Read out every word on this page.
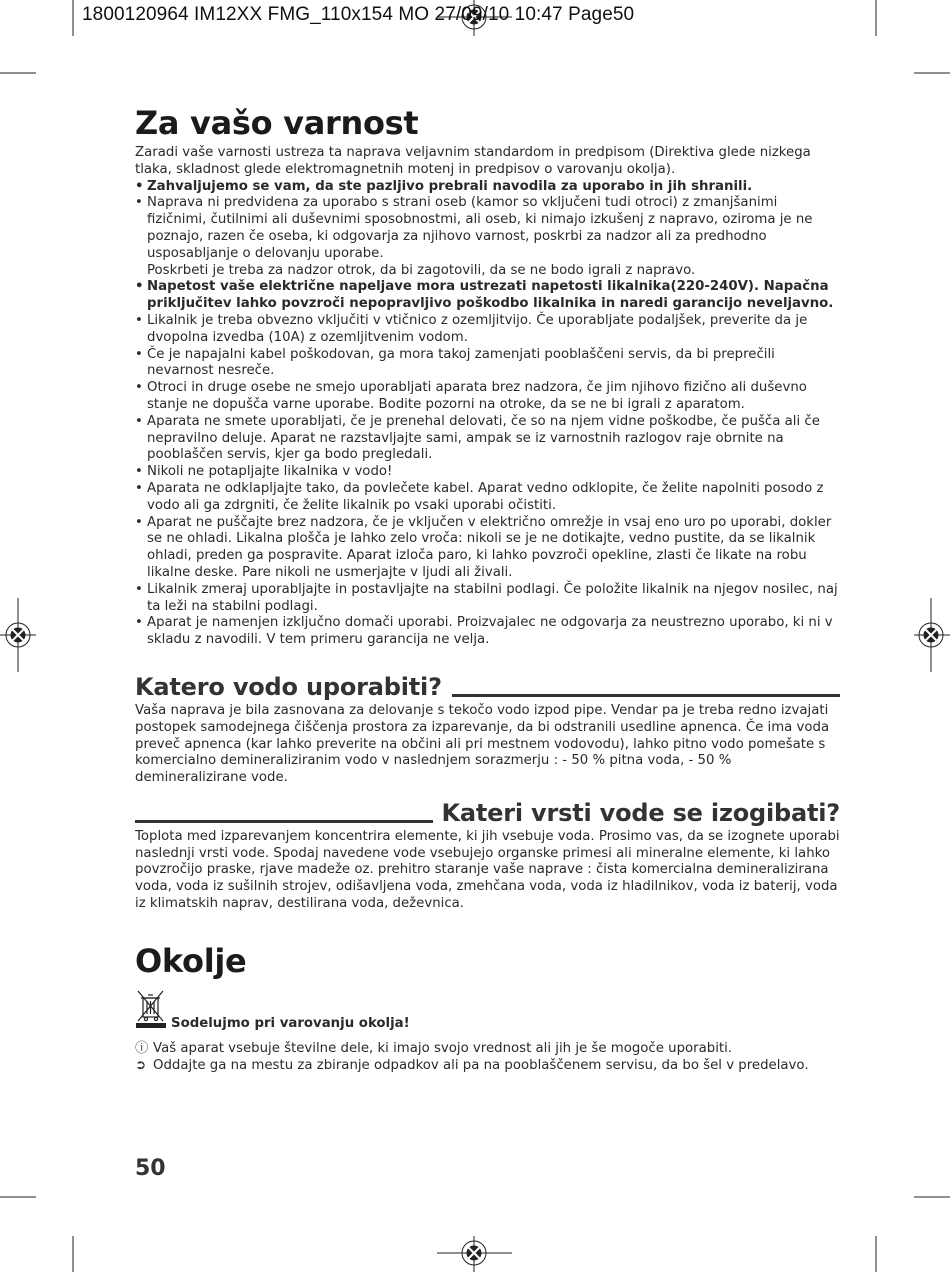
1800120964 IM12XX FMG_110x154 MO 27/09/10 10:47 Page50

Za vašo varnost

Zaradi vaše varnosti ustreza ta naprava veljavnim standardom in predpisom (Direktiva glede nizkega tlaka, skladnost glede elektromagnetnih motenj in predpisov o varovanju okolja).

• Zahvaljujemo se vam, da ste pazljivo prebrali navodila za uporabo in jih shranili.
• Naprava ni predvidena za uporabo s strani oseb (kamor so vključeni tudi otroci) z zmanjšanimi fizičnimi, čutilnimi ali duševnimi sposobnostmi, ali oseb, ki nimajo izkušenj z napravo, oziroma je ne poznajo, razen če oseba, ki odgovarja za njihovo varnost, poskrbi za nadzor ali za predhodno usposabljanje o delovanju uporabe.
Poskrbeti je treba za nadzor otrok, da bi zagotovili, da se ne bodo igrali z napravo.
• Napetost vaše električne napeljave mora ustrezati napetosti likalnika(220-240V). Napačna priključitev lahko povzroči nepopravljivo poškodbo likalnika in naredi garancijo neveljavno.
• Likalnik je treba obvezno vključiti v vtičnico z ozemljitvijo. Če uporabljate podaljšek, preverite da je dvopolna izvedba (10A) z ozemljitvenim vodom.
• Če je napajalni kabel poškodovan, ga mora takoj zamenjati pooblaščeni servis, da bi preprečili nevarnost nesreče.
• Otroci in druge osebe ne smejo uporabljati aparata brez nadzora, če jim njihovo fizično ali duševno stanje ne dopušča varne uporabe. Bodite pozorni na otroke, da se ne bi igrali z aparatom.
• Aparata ne smete uporabljati, če je prenehal delovati, če so na njem vidne poškodbe, če pušča ali če nepravilno deluje. Aparat ne razstavljajte sami, ampak se iz varnostnih razlogov raje obrnite na pooblaščen servis, kjer ga bodo pregledali.
• Nikoli ne potapljajte likalnika v vodo!
• Aparata ne odklapljajte tako, da povlečete kabel. Aparat vedno odklopite, če želite napolniti posodo z vodo ali ga zdrgniti, če želite likalnik po vsaki uporabi očistiti.
• Aparat ne puščajte brez nadzora, če je vključen v električno omrežje in vsaj eno uro po uporabi, dokler se ne ohladi. Likalna plošča je lahko zelo vroča: nikoli se je ne dotikajte, vedno pustite, da se likalnik ohladi, preden ga pospravite. Aparat izloča paro, ki lahko povzroči opekline, zlasti če likate na robu likalne deske. Pare nikoli ne usmerjajte v ljudi ali živali.
• Likalnik zmeraj uporabljajte in postavljajte na stabilni podlagi. Če položite likalnik na njegov nosilec, naj ta leži na stabilni podlagi.
• Aparat je namenjen izključno domači uporabi. Proizvajalec ne odgovarja za neustrezno uporabo, ki ni v skladu z navodili. V tem primeru garancija ne velja.
Katero vodo uporabiti?

Vaša naprava je bila zasnovana za delovanje s tekočo vodo izpod pipe. Vendar pa je treba redno izvajati postopek samodejnega čiščenja prostora za izparevanje, da bi odstranili usedline apnenca. Če ima voda preveč apnenca (kar lahko preverite na občini ali pri mestnem vodovodu), lahko pitno vodo pomešate s komercialno demineraliziranim vodo v naslednjem sorazmerju : - 50 % pitna voda, - 50 % demineralizirane vode.

Kateri vrsti vode se izogibati?

Toplota med izparevanjem koncentrira elemente, ki jih vsebuje voda. Prosimo vas, da se izognete uporabi naslednji vrsti vode. Spodaj navedene vode vsebujejo organske primesi ali mineralne elemente, ki lahko povzročijo praske, rjave madeže oz. prehitro staranje vaše naprave : čista komercialna demineralizirana voda, voda iz sušilnih strojev, odišavljena voda, zmehčana voda, voda iz hladilnikov, voda iz baterij, voda iz klimatskih naprav, destilirana voda, deževnica.

Okolje
Sodelujmo pri varovanju okolja!

ⓘ Vaš aparat vsebuje številne dele, ki imajo svojo vrednost ali jih je še mogoče uporabiti.

➲ Oddajte ga na mestu za zbiranje odpadkov ali pa na pooblaščenem servisu, da bo šel v predelavo.

50
